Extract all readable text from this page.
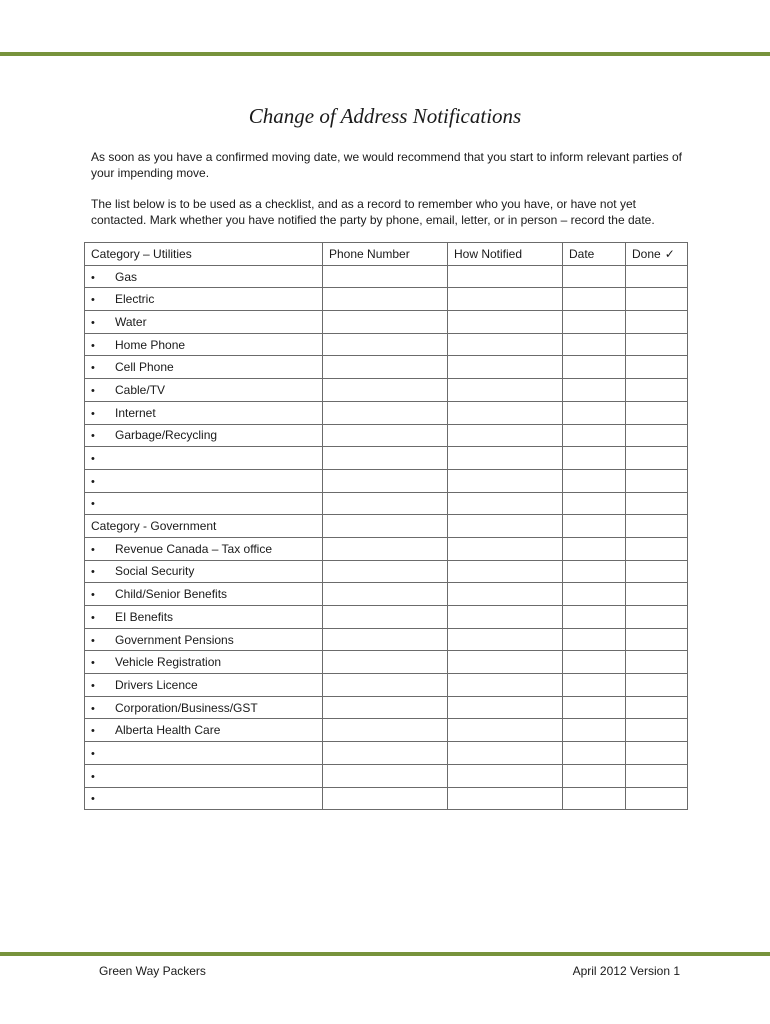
Change of Address Notifications
As soon as you have a confirmed moving date, we would recommend that you start to inform relevant parties of your impending move.
The list below is to be used as a checklist, and as a record to remember who you have, or have not yet contacted. Mark whether you have notified the party by phone, email, letter, or in person – record the date.
Category – Utilities	Phone Number	How Notified	Date	Done ✓
• Gas				
• Electric				
• Water				
• Home Phone				
• Cell Phone				
• Cable/TV				
• Internet				
• Garbage/Recycling				
•				
•				
•				
Category - Government				
• Revenue Canada – Tax office				
• Social Security				
• Child/Senior Benefits				
• EI Benefits				
• Government Pensions				
• Vehicle Registration				
• Drivers Licence				
• Corporation/Business/GST				
• Alberta Health Care				
•				
•				
•				
Green Way Packers	April 2012 Version 1
